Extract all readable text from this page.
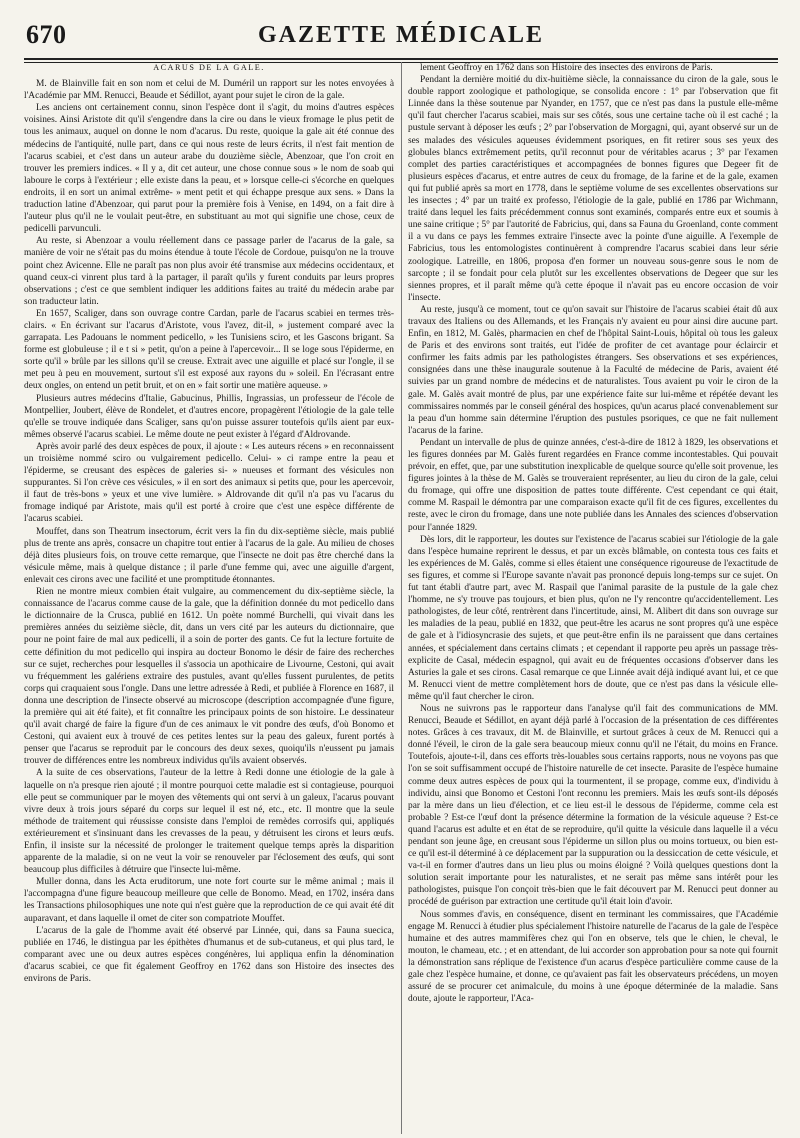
670	GAZETTE MÉDICALE
ACARUS DE LA GALE.

M. de Blainville fait en son nom et celui de M. Duméril un rapport sur les notes envoyées à l'Académie par MM. Renucci, Beaude et Sédillot, ayant pour sujet le ciron de la gale.

Les anciens ont certainement connu, sinon l'espèce dont il s'agit, du moins d'autres espèces voisines. Ainsi Aristote dit qu'il s'engendre dans la cire ou dans le vieux fromage le plus petit de tous les animaux, auquel on donne le nom d'acarus. Du reste, quoique la gale ait été connue des médecins de l'antiquité, nulle part, dans ce qui nous reste de leurs écrits, il n'est fait mention de l'acarus scabiei, et c'est dans un auteur arabe du douzième siècle, Abenzoar, que l'on croit en trouver les premiers indices. « Il y a, dit cet auteur, une chose connue sous » le nom de soab qui laboure le corps à l'extérieur ; elle existe dans la peau, et » lorsque celle-ci s'écorche en quelques endroits, il en sort un animal extrême- » ment petit et qui échappe presque aux sens. » Dans la traduction latine d'Abenzoar, qui parut pour la première fois à Venise, en 1494, on a fait dire à l'auteur plus qu'il ne le voulait peut-être, en substituant au mot qui signifie une chose, ceux de pedicelli parvunculi.

Au reste, si Abenzoar a voulu réellement dans ce passage parler de l'acarus de la gale, sa manière de voir ne s'était pas du moins étendue à toute l'école de Cordoue, puisqu'on ne la trouve point chez Avicenne. Elle ne paraît pas non plus avoir été transmise aux médecins occidentaux, et quand ceux-ci vinrent plus tard à la partager, il paraît qu'ils y furent conduits par leurs propres observations ; c'est ce que semblent indiquer les additions faites au traité du médecin arabe par son traducteur latin.

En 1657, Scaliger, dans son ouvrage contre Cardan, parle de l'acarus scabiei en termes très-clairs. « En écrivant sur l'acarus d'Aristote, vous l'avez, dit-il, » justement comparé avec la garrapata. Les Padouans le nomment pedicello, » les Tunisiens sciro, et les Gascons brigant. Sa forme est globuleuse ; il e t si » petit, qu'on a peine à l'apercevoir... Il se loge sous l'épiderme, en sorte qu'il » brûle par les sillons qu'il se creuse. Extrait avec une aiguille et placé sur l'ongle, il se met peu à peu en mouvement, surtout s'il est exposé aux rayons du » soleil. En l'écrasant entre deux ongles, on entend un petit bruit, et on en » fait sortir une matière aqueuse. »

Plusieurs autres médecins d'Italie, Gabucinus, Phillis, Ingrassias, un professeur de l'école de Montpellier, Joubert, élève de Rondelet, et d'autres encore, propagèrent l'étiologie de la gale telle qu'elle se trouve indiquée dans Scaliger, sans qu'on puisse assurer toutefois qu'ils aient par eux-mêmes observé l'acarus scabiei. Le même doute ne peut exister à l'égard d'Aldrovande.

Après avoir parlé des deux espèces de poux, il ajoute : « Les auteurs récens » en reconnaissent un troisième nommé sciro ou vulgairement pedicello. Celui- » ci rampe entre la peau et l'épiderme, se creusant des espèces de galeries si- » nueuses et formant des vésicules non suppurantes. Si l'on crève ces vésicules, » il en sort des animaux si petits que, pour les apercevoir, il faut de très-bons » yeux et une vive lumière. » Aldrovande dit qu'il n'a pas vu l'acarus du fromage indiqué par Aristote, mais qu'il est porté à croire que c'est une espèce différente de l'acarus scabiei.

Mouffet, dans son Theatrum insectorum, écrit vers la fin du dix-septième siècle, mais publié plus de trente ans après, consacre un chapitre tout entier à l'acarus de la gale. Au milieu de choses déjà dites plusieurs fois, on trouve cette remarque, que l'insecte ne doit pas être cherché dans la vésicule même, mais à quelque distance ; il parle d'une femme qui, avec une aiguille d'argent, enlevait ces cirons avec une facilité et une promptitude étonnantes.

Rien ne montre mieux combien était vulgaire, au commencement du dix-septième siècle, la connaissance de l'acarus comme cause de la gale, que la définition donnée du mot pedicello dans le dictionnaire de la Crusca, publié en 1612. Un poète nommé Burchelli, qui vivait dans les premières années du seizième siècle, dit, dans un vers cité par les auteurs du dictionnaire, que pour ne point faire de mal aux pedicelli, il a soin de porter des gants. Ce fut la lecture fortuite de cette définition du mot pedicello qui inspira au docteur Bonomo le désir de faire des recherches sur ce sujet, recherches pour lesquelles il s'associa un apothicaire de Livourne, Cestoni, qui avait vu fréquemment les galériens extraire des pustules, avant qu'elles fussent purulentes, de petits corps qui craquaient sous l'ongle. Dans une lettre adressée à Redi, et publiée à Florence en 1687, il donna une description de l'insecte observé au microscope (description accompagnée d'une figure, la première qui ait été faite), et fit connaître les principaux points de son histoire. Le dessinateur qu'il avait chargé de faire la figure d'un de ces animaux le vit pondre des œufs, d'où Bonomo et Cestoni, qui avaient eux à trouvé de ces petites lentes sur la peau des galeux, furent portés à penser que l'acarus se reproduit par le concours des deux sexes, quoiqu'ils n'eussent pu jamais trouver de différences entre les nombreux individus qu'ils avaient observés.

A la suite de ces observations, l'auteur de la lettre à Redi donne une étiologie de la gale à laquelle on n'a presque rien ajouté ; il montre pourquoi cette maladie est si contagieuse, pourquoi elle peut se communiquer par le moyen des vêtements qui ont servi à un galeux, l'acarus pouvant vivre deux à trois jours séparé du corps sur lequel il est né, etc., etc. Il montre que la seule méthode de traitement qui réussisse consiste dans l'emploi de remèdes corrosifs qui, appliqués extérieurement et s'insinuant dans les crevasses de la peau, y détruisent les cirons et leurs œufs. Enfin, il insiste sur la nécessité de prolonger le traitement quelque temps après la disparition apparente de la maladie, si on ne veut la voir se renouveler par l'éclosement des œufs, qui sont beaucoup plus difficiles à détruire que l'insecte lui-même.

Muller donna, dans les Acta eruditorum, une note fort courte sur le même animal ; mais il l'accompagna d'une figure beaucoup meilleure que celle de Bonomo. Mead, en 1702, inséra dans les Transactions philosophiques une note qui n'est guère que la reproduction de ce qui avait été dit auparavant, et dans laquelle il omet de citer son compatriote Mouffet.

L'acarus de la gale de l'homme avait été observé par Linnée, qui, dans sa Fauna suecica, publiée en 1746, le distingua par les épithètes d'humanus et de sub-cutaneus, et qui plus tard, le comparant avec une ou deux autres espèces congénères, lui appliqua enfin la dénomination d'acarus scabiei, ce que fit également Geoffroy en 1762 dans son Histoire des insectes des environs de Paris.

lement Geoffroy en 1762 dans son Histoire des insectes des environs de Paris.

Pendant la dernière moitié du dix-huitième siècle, la connaissance du ciron de la gale, sous le double rapport zoologique et pathologique, se consolida encore : 1° par l'observation que fit Linnée dans la thèse soutenue par Nyander, en 1757, que ce n'est pas dans la pustule elle-même qu'il faut chercher l'acarus scabiei, mais sur ses côtés, sous une certaine tache où il est caché ; la pustule servant à déposer les œufs ; 2° par l'observation de Morgagni, qui, ayant observé sur un de ses malades des vésicules aqueuses évidemment psoriques, en fit retirer sous ses yeux des globules blancs extrêmement petits, qu'il reconnut pour de véritables acarus ; 3° par l'examen complet des parties caractéristiques et accompagnées de bonnes figures que Degeer fit de plusieurs espèces d'acarus, et entre autres de ceux du fromage, de la farine et de la gale, examen qui fut publié après sa mort en 1778, dans le septième volume de ses excellentes observations sur les insectes ; 4° par un traité ex professo, l'étiologie de la gale, publié en 1786 par Wichmann, traité dans lequel les faits précédemment connus sont examinés, comparés entre eux et soumis à une saine critique ; 5° par l'autorité de Fabricius, qui, dans sa Fauna du Groenland, conte comment il a vu dans ce pays les femmes extraire l'insecte avec la pointe d'une aiguille. A l'exemple de Fabricius, tous les entomologistes continuèrent à comprendre l'acarus scabiei dans leur série zoologique. Latreille, en 1806, proposa d'en former un nouveau sous-genre sous le nom de sarcopte ; il se fondait pour cela plutôt sur les excellentes observations de Degeer que sur les siennes propres, et il paraît même qu'à cette époque il n'avait pas eu encore occasion de voir l'insecte.

Au reste, jusqu'à ce moment, tout ce qu'on savait sur l'histoire de l'acarus scabiei était dû aux travaux des Italiens ou des Allemands, et les Français n'y avaient eu pour ainsi dire aucune part. Enfin, en 1812, M. Galès, pharmacien en chef de l'hôpital Saint-Louis, hôpital où tous les galeux de Paris et des environs sont traités, eut l'idée de profiter de cet avantage pour éclaircir et confirmer les faits admis par les pathologistes étrangers. Ses observations et ses expériences, consignées dans une thèse inaugurale soutenue à la Faculté de médecine de Paris, avaient été suivies par un grand nombre de médecins et de naturalistes. Tous avaient pu voir le ciron de la gale. M. Galès avait montré de plus, par une expérience faite sur lui-même et répétée devant les commissaires nommés par le conseil général des hospices, qu'un acarus placé convenablement sur la peau d'un homme sain détermine l'éruption des pustules psoriques, ce que ne fait nullement l'acarus de la farine.

Pendant un intervalle de plus de quinze années, c'est-à-dire de 1812 à 1829, les observations et les figures données par M. Galès furent regardées en France comme incontestables. Qui pouvait prévoir, en effet, que, par une substitution inexplicable de quelque source qu'elle soit provenue, les figures jointes à la thèse de M. Galès se trouveraient représenter, au lieu du ciron de la gale, celui du fromage, qui offre une disposition de pattes toute différente. C'est cependant ce qui était, comme M. Raspail le démontra par une comparaison exacte qu'il fit de ces figures, excellentes du reste, avec le ciron du fromage, dans une note publiée dans les Annales des sciences d'observation pour l'année 1829.

Dès lors, dit le rapporteur, les doutes sur l'existence de l'acarus scabiei sur l'étiologie de la gale dans l'espèce humaine reprirent le dessus, et par un excès blâmable, on contesta tous ces faits et les expériences de M. Galès, comme si elles étaient une conséquence rigoureuse de l'exactitude de ses figures, et comme si l'Europe savante n'avait pas prononcé depuis long-temps sur ce sujet. On fut tant établi d'autre part, avec M. Raspail que l'animal parasite de la pustule de la gale chez l'homme, ne s'y trouve pas toujours, et bien plus, qu'on ne l'y rencontre qu'accidentellement. Les pathologistes, de leur côté, rentrèrent dans l'incertitude, ainsi, M. Alibert dit dans son ouvrage sur les maladies de la peau, publié en 1832, que peut-être les acarus ne sont propres qu'à une espèce de gale et à l'idiosyncrasie des sujets, et que peut-être enfin ils ne paraissent que dans certaines années, et spécialement dans certains climats ; et cependant il rapporte peu après un passage très-explicite de Casal, médecin espagnol, qui avait eu de fréquentes occasions d'observer dans les Asturies la gale et ses cirons. Casal remarque ce que Linnée avait déjà indiqué avant lui, et ce que M. Renucci vient de mettre complètement hors de doute, que ce n'est pas dans la vésicule elle-même qu'il faut chercher le ciron.

Nous ne suivrons pas le rapporteur dans l'analyse qu'il fait des communications de MM. Renucci, Beaude et Sédillot, en ayant déjà parlé à l'occasion de la présentation de ces différentes notes. Grâces à ces travaux, dit M. de Blainville, et surtout grâces à ceux de M. Renucci qui a donné l'éveil, le ciron de la gale sera beaucoup mieux connu qu'il ne l'était, du moins en France. Toutefois, ajoute-t-il, dans ces efforts très-louables sous certains rapports, nous ne voyons pas que l'on se soit suffisamment occupé de l'histoire naturelle de cet insecte. Parasite de l'espèce humaine comme deux autres espèces de poux qui la tourmentent, il se propage, comme eux, d'individu à individu, ainsi que Bonomo et Cestoni l'ont reconnu les premiers. Mais les œufs sont-ils déposés par la mère dans un lieu d'élection, et ce lieu est-il le dessous de l'épiderme, comme cela est probable ? Est-ce l'œuf dont la présence détermine la formation de la vésicule aqueuse ? Est-ce quand l'acarus est adulte et en état de se reproduire, qu'il quitte la vésicule dans laquelle il a vécu pendant son jeune âge, en creusant sous l'épiderme un sillon plus ou moins tortueux, ou bien est-ce qu'il est-il déterminé à ce déplacement par la suppuration ou la dessiccation de cette vésicule, et va-t-il en former d'autres dans un lieu plus ou moins éloigné ? Voilà quelques questions dont la solution serait importante pour les naturalistes, et ne serait pas même sans intérêt pour les pathologistes, puisque l'on conçoit très-bien que le fait découvert par M. Renucci peut donner au procédé de guérison par extraction une certitude qu'il était loin d'avoir.

Nous sommes d'avis, en conséquence, disent en terminant les commissaires, que l'Académie engage M. Renucci à étudier plus spécialement l'histoire naturelle de l'acarus de la gale de l'espèce humaine et des autres mammifères chez qui l'on en observe, tels que le chien, le cheval, le mouton, le chameau, etc. ; et en attendant, de lui accorder son approbation pour sa note qui fournit la démonstration sans réplique de l'existence d'un acarus d'espèce particulière comme cause de la gale chez l'espèce humaine, et donne, ce qu'avaient pas fait les observateurs précédens, un moyen assuré de se procurer cet animalcule, du moins à une époque déterminée de la maladie. Sans doute, ajoute le rapporteur, l'Aca-
